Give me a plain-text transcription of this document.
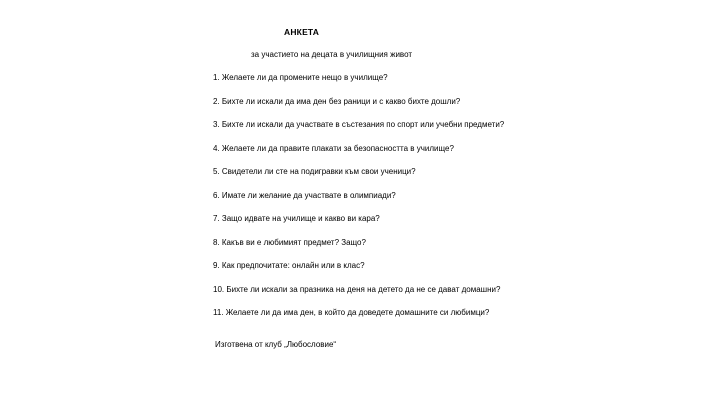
АНКЕТА
за участието на децата в училищния живот
1. Желаете ли да промените нещо в училище?
2. Бихте ли искали да има ден без раници и с какво бихте дошли?
3. Бихте ли искали да участвате в състезания по спорт или учебни предмети?
4. Желаете ли да правите плакати за безопасността в училище?
5. Свидетели ли сте на подигравки към свои ученици?
6. Имате ли желание да участвате в олимпиади?
7. Защо идвате на училище и какво ви кара?
8. Какъв ви е любимият предмет? Защо?
9. Как предпочитате: онлайн или в клас?
10. Бихте ли искали за празника на деня на детето да не се дават домашни?
11. Желаете ли да има ден, в който да доведете домашните си любимци?
Изготвена от клуб „Любословие“
